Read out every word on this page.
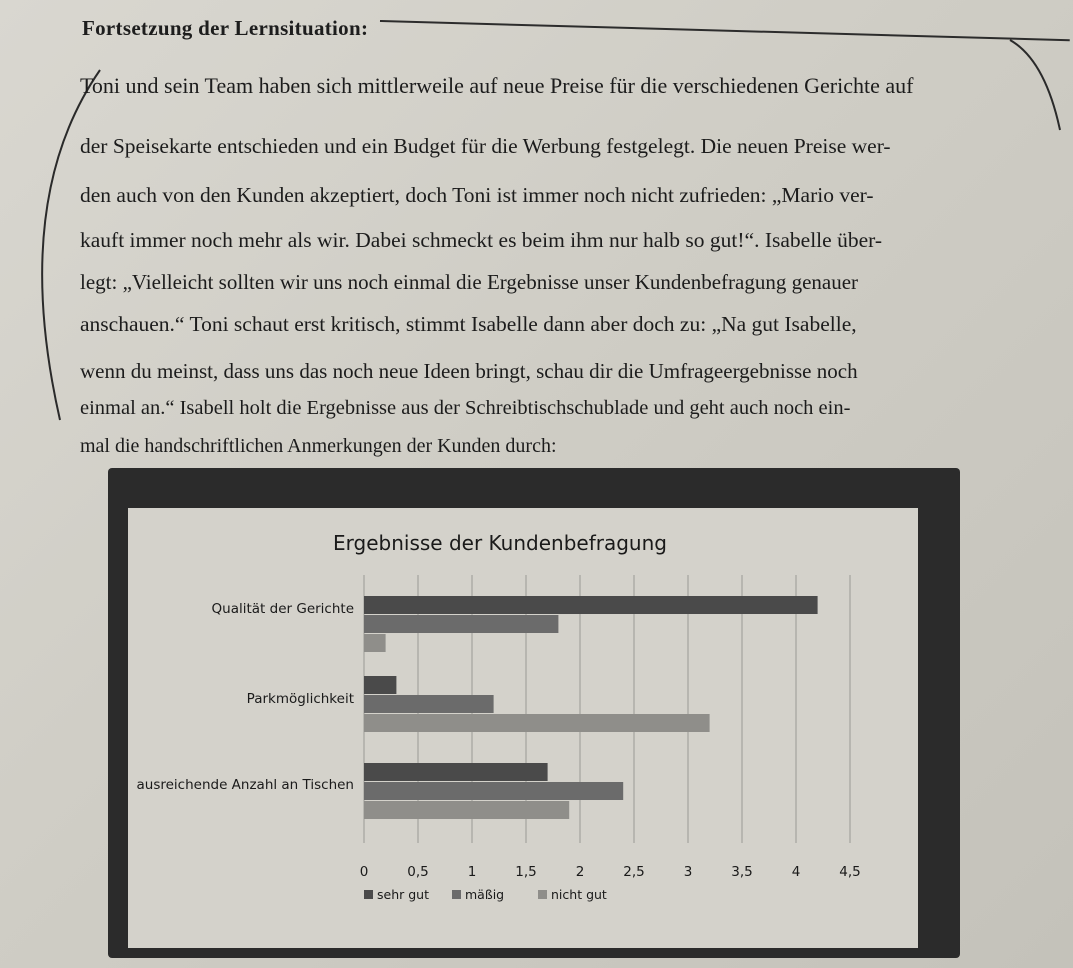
Fortsetzung der Lernsituation:
Toni und sein Team haben sich mittlerweile auf neue Preise für die verschiedenen Gerichte auf
der Speisekarte entschieden und ein Budget für die Werbung festgelegt. Die neuen Preise wer-
den auch von den Kunden akzeptiert, doch Toni ist immer noch nicht zufrieden: „Mario ver-
kauft immer noch mehr als wir. Dabei schmeckt es beim ihm nur halb so gut!“. Isabelle über-
legt: „Vielleicht sollten wir uns noch einmal die Ergebnisse unser Kundenbefragung genauer
anschauen.“ Toni schaut erst kritisch, stimmt Isabelle dann aber doch zu: „Na gut Isabelle,
wenn du meinst, dass uns das noch neue Ideen bringt, schau dir die Umfrageergebnisse noch
einmal an.“ Isabell holt die Ergebnisse aus der Schreibtischschublade und geht auch noch ein-
mal die handschriftlichen Anmerkungen der Kunden durch:
Ergebnisse der Kundenbefragung
Qualität der Gerichte
Parkmöglichkeit
ausreichende Anzahl an Tischen
0	0,5	1	1,5	2	2,5	3	3,5	4	4,5
sehr gut	mäßig	nicht gut
